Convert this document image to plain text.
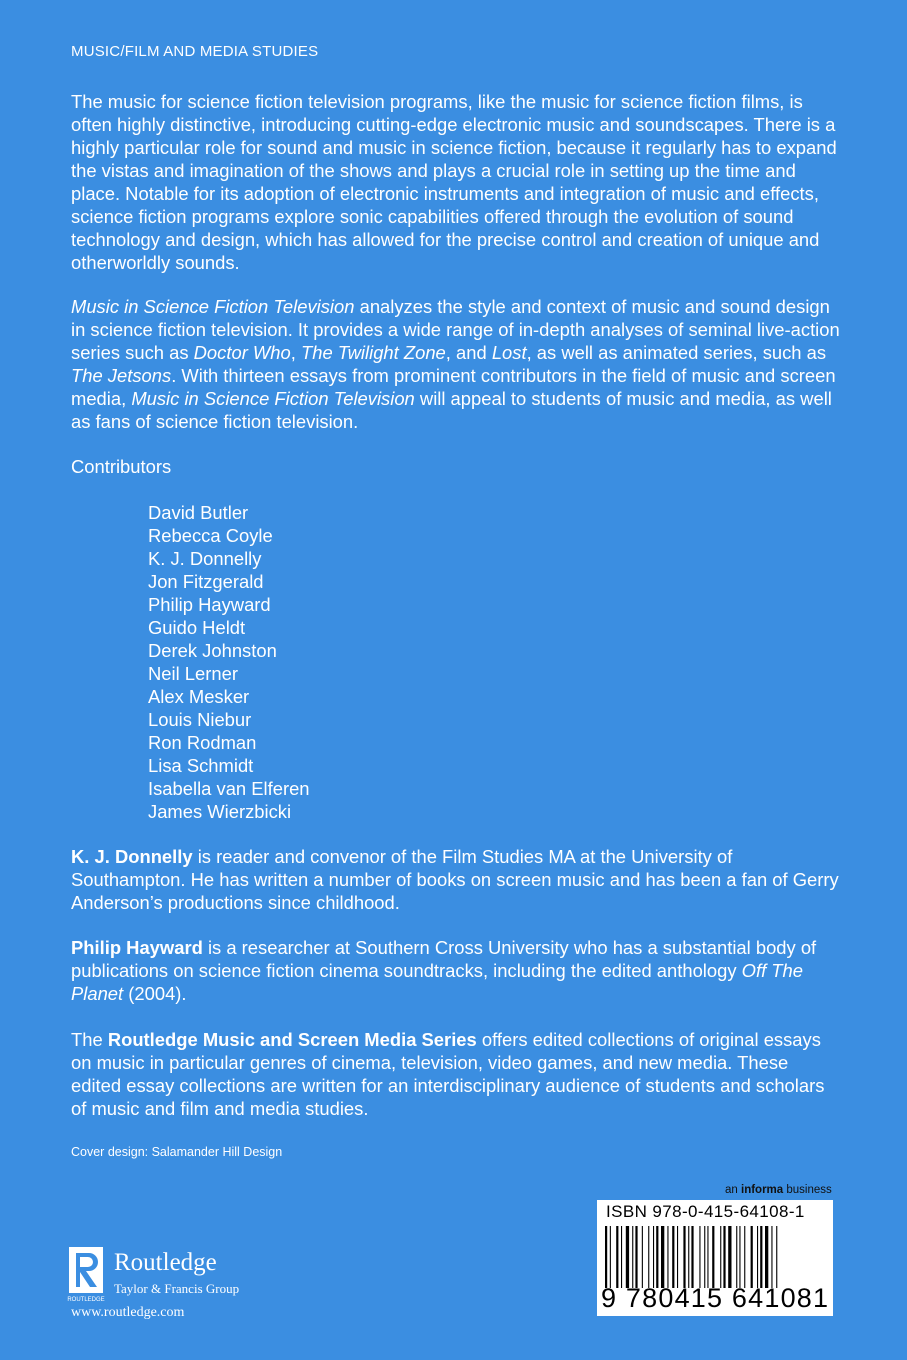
MUSIC/FILM AND MEDIA STUDIES

The music for science fiction television programs, like the music for science fiction films, is often highly distinctive, introducing cutting-edge electronic music and soundscapes. There is a highly particular role for sound and music in science fiction, because it regularly has to expand the vistas and imagination of the shows and plays a crucial role in setting up the time and place. Notable for its adoption of electronic instruments and integration of music and effects, science fiction programs explore sonic capabilities offered through the evolution of sound technology and design, which has allowed for the precise control and creation of unique and otherworldly sounds.

Music in Science Fiction Television analyzes the style and context of music and sound design in science fiction television. It provides a wide range of in-depth analyses of seminal live-action series such as Doctor Who, The Twilight Zone, and Lost, as well as animated series, such as The Jetsons. With thirteen essays from prominent contributors in the field of music and screen media, Music in Science Fiction Television will appeal to students of music and media, as well as fans of science fiction television.

Contributors
David Butler
Rebecca Coyle
K. J. Donnelly
Jon Fitzgerald
Philip Hayward
Guido Heldt
Derek Johnston
Neil Lerner
Alex Mesker
Louis Niebur
Ron Rodman
Lisa Schmidt
Isabella van Elferen
James Wierzbicki

K. J. Donnelly is reader and convenor of the Film Studies MA at the University of Southampton. He has written a number of books on screen music and has been a fan of Gerry Anderson’s productions since childhood.

Philip Hayward is a researcher at Southern Cross University who has a substantial body of publications on science fiction cinema soundtracks, including the edited anthology Off The Planet (2004).

The Routledge Music and Screen Media Series offers edited collections of original essays on music in particular genres of cinema, television, video games, and new media. These edited essay collections are written for an interdisciplinary audience of students and scholars of music and film and media studies.

Cover design: Salamander Hill Design
ROUTLEDGE
Routledge
Taylor & Francis Group
www.routledge.com
an informa business
ISBN 978-0-415-64108-1
9 780415 641081
